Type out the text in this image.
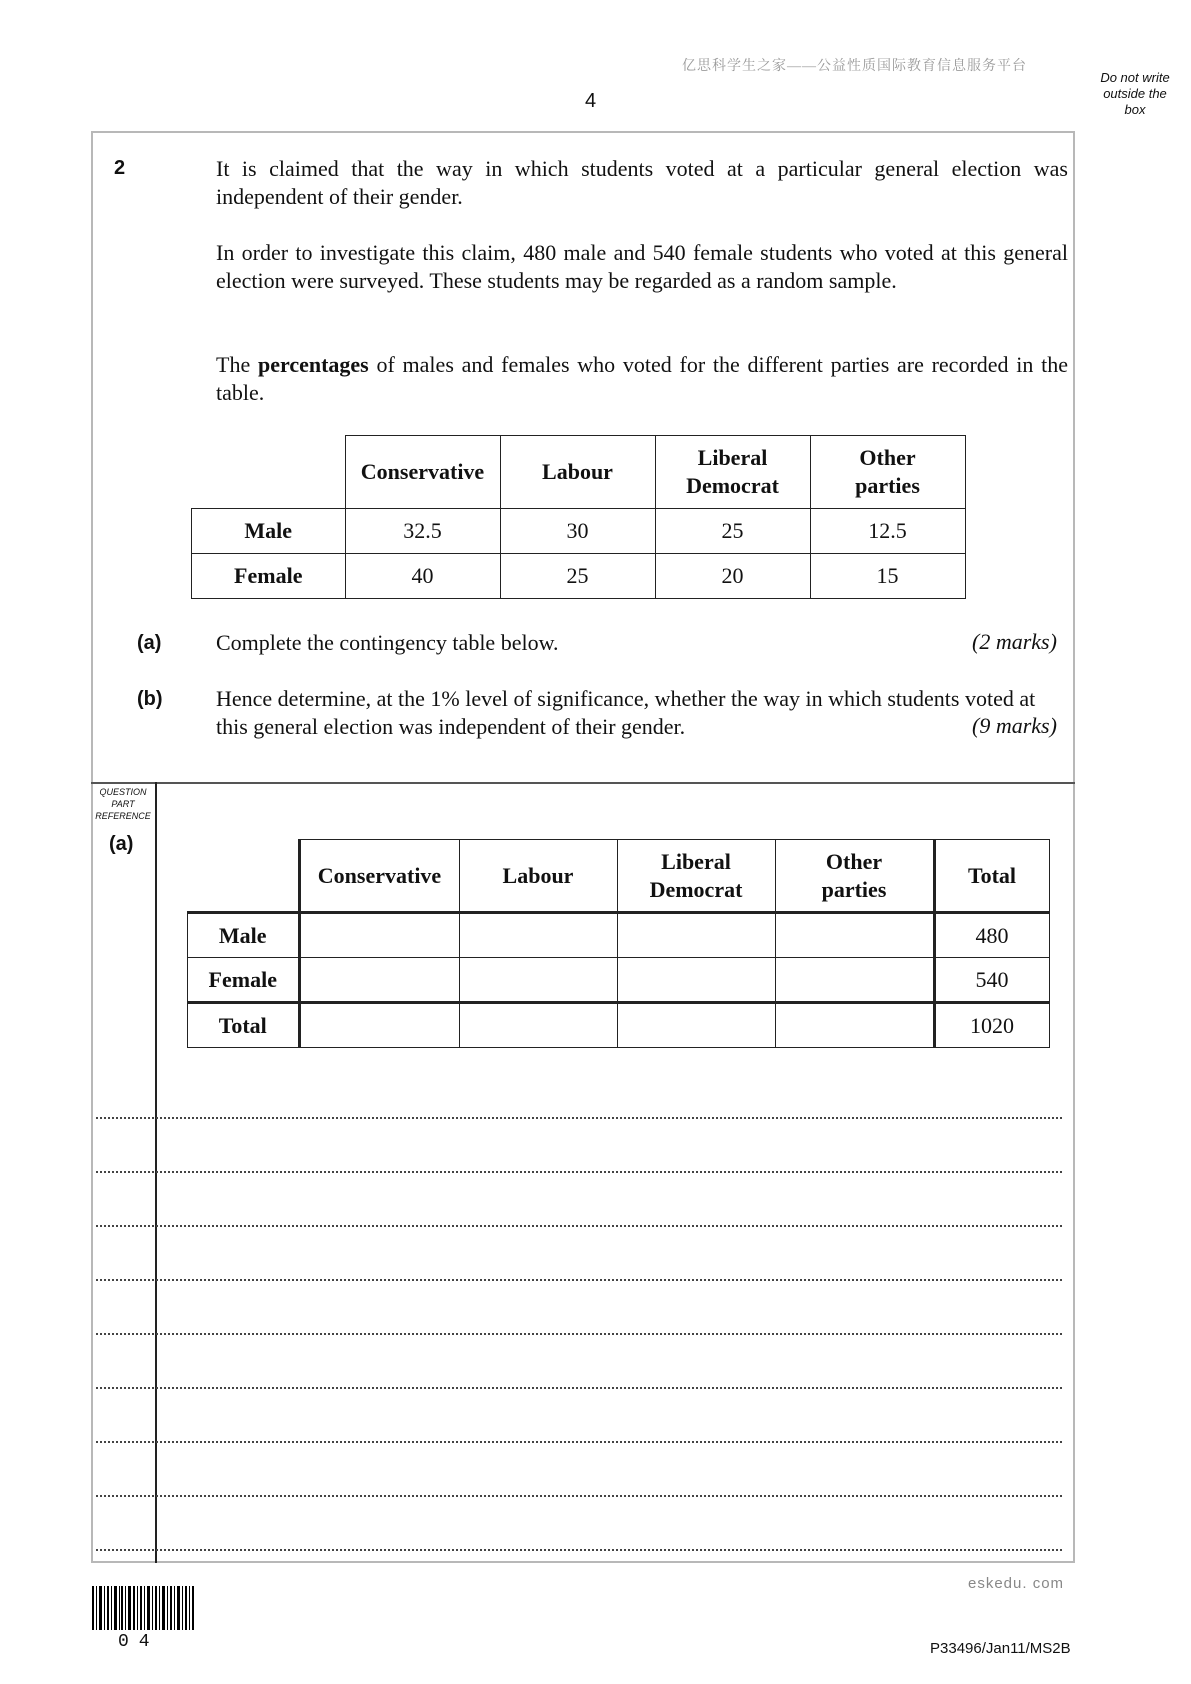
亿思科学生之家——公益性质国际教育信息服务平台
4
Do not write
outside the
box
2	It is claimed that the way in which students voted at a particular general election was independent of their gender.
In order to investigate this claim, 480 male and 540 female students who voted at this general election were surveyed. These students may be regarded as a random sample.
The percentages of males and females who voted for the different parties are recorded in the table.
	Conservative	Labour	Liberal Democrat	Other parties

Male	32.5	30	25	12.5
Female	40	25	20	15
(a) Complete the contingency table below.	(2 marks)
(b) Hence determine, at the 1% level of significance, whether the way in which students voted at this general election was independent of their gender.	(9 marks)
QUESTION
PART
REFERENCE
(a)
	Conservative	Labour	Liberal Democrat	Other parties	Total
Male					480
Female					540
Total					1020
eskedu. com
04	P33496/Jan11/MS2B
